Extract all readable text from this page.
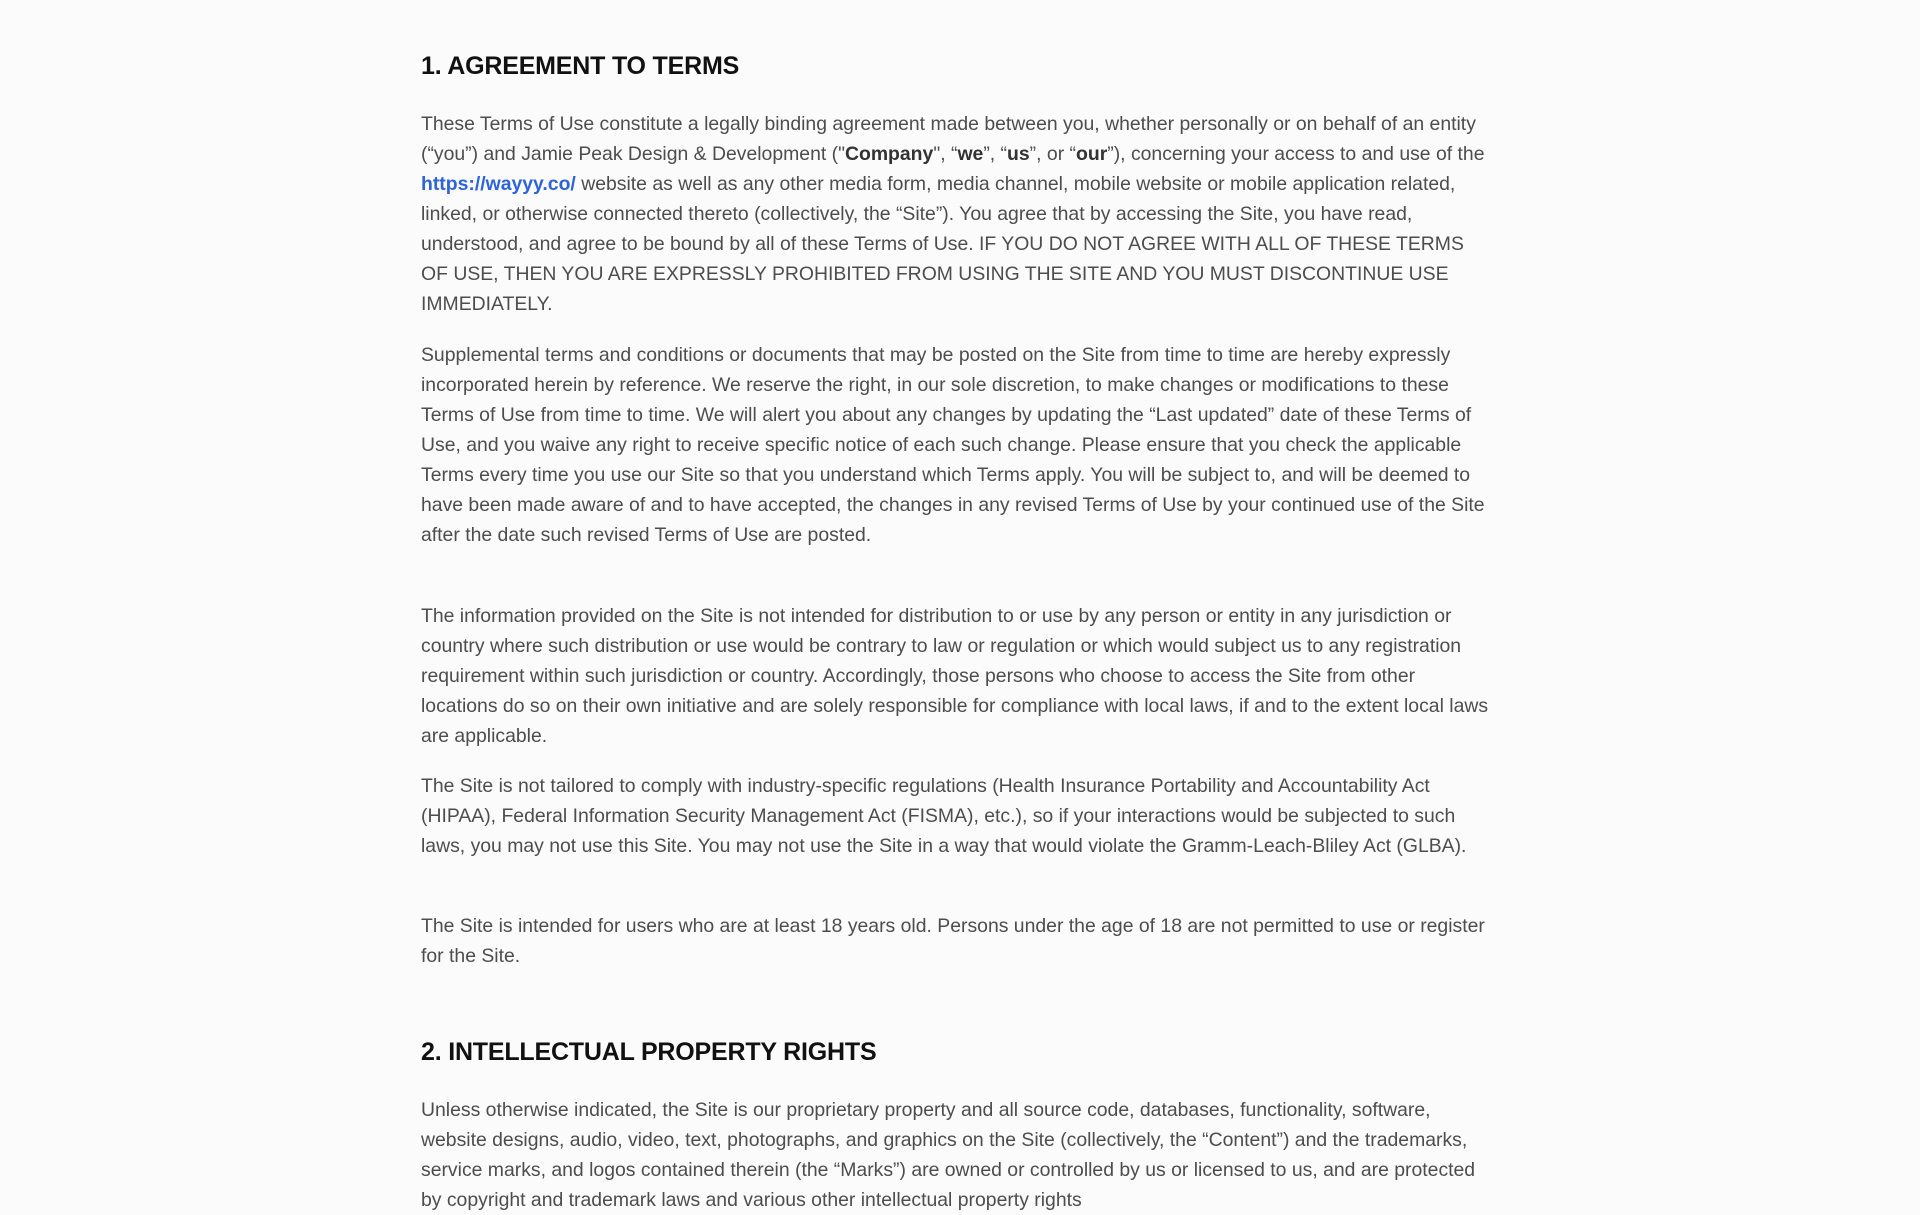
1. AGREEMENT TO TERMS

These Terms of Use constitute a legally binding agreement made between you, whether personally or on behalf of an entity (“you”) and Jamie Peak Design & Development ("Company", “we”, “us”, or “our”), concerning your access to and use of the https://wayyy.co/ website as well as any other media form, media channel, mobile website or mobile application related, linked, or otherwise connected thereto (collectively, the “Site”). You agree that by accessing the Site, you have read, understood, and agree to be bound by all of these Terms of Use. IF YOU DO NOT AGREE WITH ALL OF THESE TERMS OF USE, THEN YOU ARE EXPRESSLY PROHIBITED FROM USING THE SITE AND YOU MUST DISCONTINUE USE IMMEDIATELY.

Supplemental terms and conditions or documents that may be posted on the Site from time to time are hereby expressly incorporated herein by reference. We reserve the right, in our sole discretion, to make changes or modifications to these Terms of Use from time to time. We will alert you about any changes by updating the “Last updated” date of these Terms of Use, and you waive any right to receive specific notice of each such change. Please ensure that you check the applicable Terms every time you use our Site so that you understand which Terms apply. You will be subject to, and will be deemed to have been made aware of and to have accepted, the changes in any revised Terms of Use by your continued use of the Site after the date such revised Terms of Use are posted.

The information provided on the Site is not intended for distribution to or use by any person or entity in any jurisdiction or country where such distribution or use would be contrary to law or regulation or which would subject us to any registration requirement within such jurisdiction or country. Accordingly, those persons who choose to access the Site from other locations do so on their own initiative and are solely responsible for compliance with local laws, if and to the extent local laws are applicable.

The Site is not tailored to comply with industry-specific regulations (Health Insurance Portability and Accountability Act (HIPAA), Federal Information Security Management Act (FISMA), etc.), so if your interactions would be subjected to such laws, you may not use this Site. You may not use the Site in a way that would violate the Gramm-Leach-Bliley Act (GLBA).

The Site is intended for users who are at least 18 years old. Persons under the age of 18 are not permitted to use or register for the Site.

2. INTELLECTUAL PROPERTY RIGHTS

Unless otherwise indicated, the Site is our proprietary property and all source code, databases, functionality, software, website designs, audio, video, text, photographs, and graphics on the Site (collectively, the “Content”) and the trademarks, service marks, and logos contained therein (the “Marks”) are owned or controlled by us or licensed to us, and are protected by copyright and trademark laws and various other intellectual property rights
